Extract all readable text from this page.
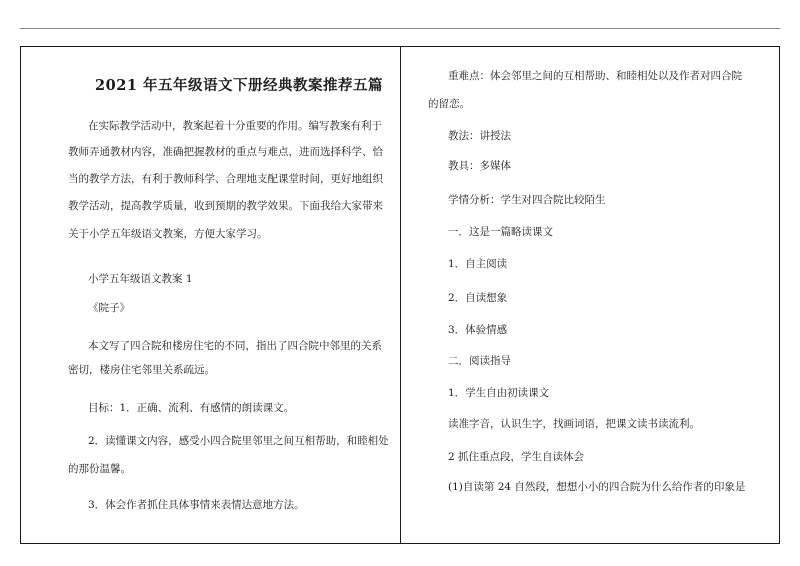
2021 年五年级语文下册经典教案推荐五篇
在实际教学活动中，教案起着十分重要的作用。编写教案有利于
教师弄通教材内容，准确把握教材的重点与难点，进而选择科学、恰
当的教学方法，有利于教师科学、合理地支配课堂时间，更好地组织
教学活动，提高教学质量，收到预期的教学效果。下面我给大家带来
关于小学五年级语文教案，方便大家学习。
小学五年级语文教案 1
《院子》
本文写了四合院和楼房住宅的不同，指出了四合院中邻里的关系
密切，楼房住宅邻里关系疏远。
目标：1．正确、流利、有感情的朗读课文。
2．读懂课文内容，感受小四合院里邻里之间互相帮助，和睦相处
的那份温馨。
3．体会作者抓住具体事情来表情达意地方法。
重难点：体会邻里之间的互相帮助、和睦相处以及作者对四合院
的留恋。
教法：讲授法
教具：多媒体
学情分析：学生对四合院比较陌生
一．这是一篇略读课文
1．自主阅读
2．自读想象
3．体验情感
二．阅读指导
1．学生自由初读课文
读准字音，认识生字，找画词语，把课文读书读流利。
2 抓住重点段，学生自读体会
(1)自读第 24 自然段，想想小小的四合院为什么给作者的印象是
